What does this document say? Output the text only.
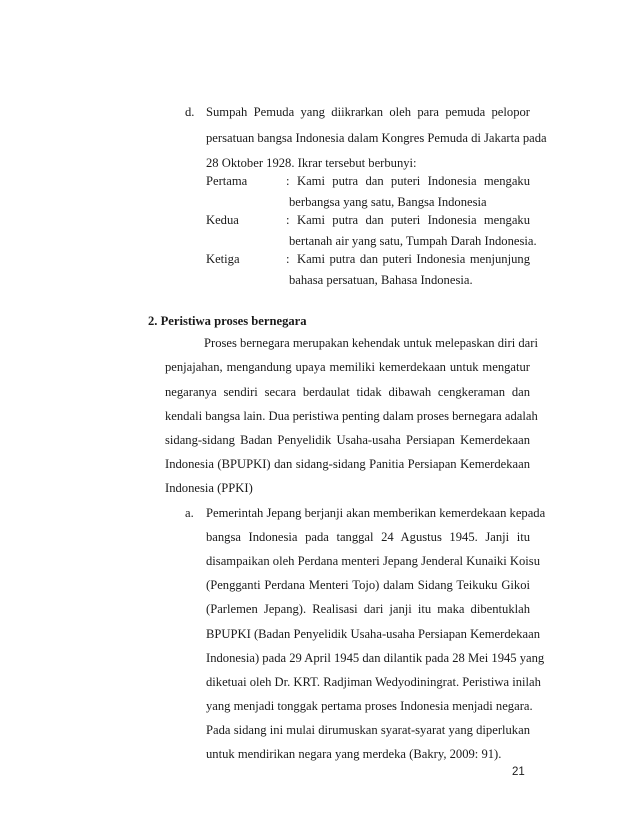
d. Sumpah Pemuda yang diikrarkan oleh para pemuda pelopor
persatuan bangsa Indonesia dalam Kongres Pemuda di Jakarta pada
28 Oktober 1928. Ikrar tersebut berbunyi:
Pertama	: Kami putra dan puteri Indonesia mengaku
berbangsa yang satu, Bangsa Indonesia
Kedua	: Kami putra dan puteri Indonesia mengaku
bertanah air yang satu, Tumpah Darah Indonesia.
Ketiga	: Kami putra dan puteri Indonesia menjunjung
bahasa persatuan, Bahasa Indonesia.
2. Peristiwa proses bernegara
Proses bernegara merupakan kehendak untuk melepaskan diri dari
penjajahan, mengandung upaya memiliki kemerdekaan untuk mengatur
negaranya sendiri secara berdaulat tidak dibawah cengkeraman dan
kendali bangsa lain. Dua peristiwa penting dalam proses bernegara adalah
sidang-sidang Badan Penyelidik Usaha-usaha Persiapan Kemerdekaan
Indonesia (BPUPKI) dan sidang-sidang Panitia Persiapan Kemerdekaan
Indonesia (PPKI)
a. Pemerintah Jepang berjanji akan memberikan kemerdekaan kepada
bangsa Indonesia pada tanggal 24 Agustus 1945. Janji itu
disampaikan oleh Perdana menteri Jepang Jenderal Kunaiki Koisu
(Pengganti Perdana Menteri Tojo) dalam Sidang Teikuku Gikoi
(Parlemen Jepang). Realisasi dari janji itu maka dibentuklah
BPUPKI (Badan Penyelidik Usaha-usaha Persiapan Kemerdekaan
Indonesia) pada 29 April 1945 dan dilantik pada 28 Mei 1945 yang
diketuai oleh Dr. KRT. Radjiman Wedyodiningrat. Peristiwa inilah
yang menjadi tonggak pertama proses Indonesia menjadi negara.
Pada sidang ini mulai dirumuskan syarat-syarat yang diperlukan
untuk mendirikan negara yang merdeka (Bakry, 2009: 91).
21
